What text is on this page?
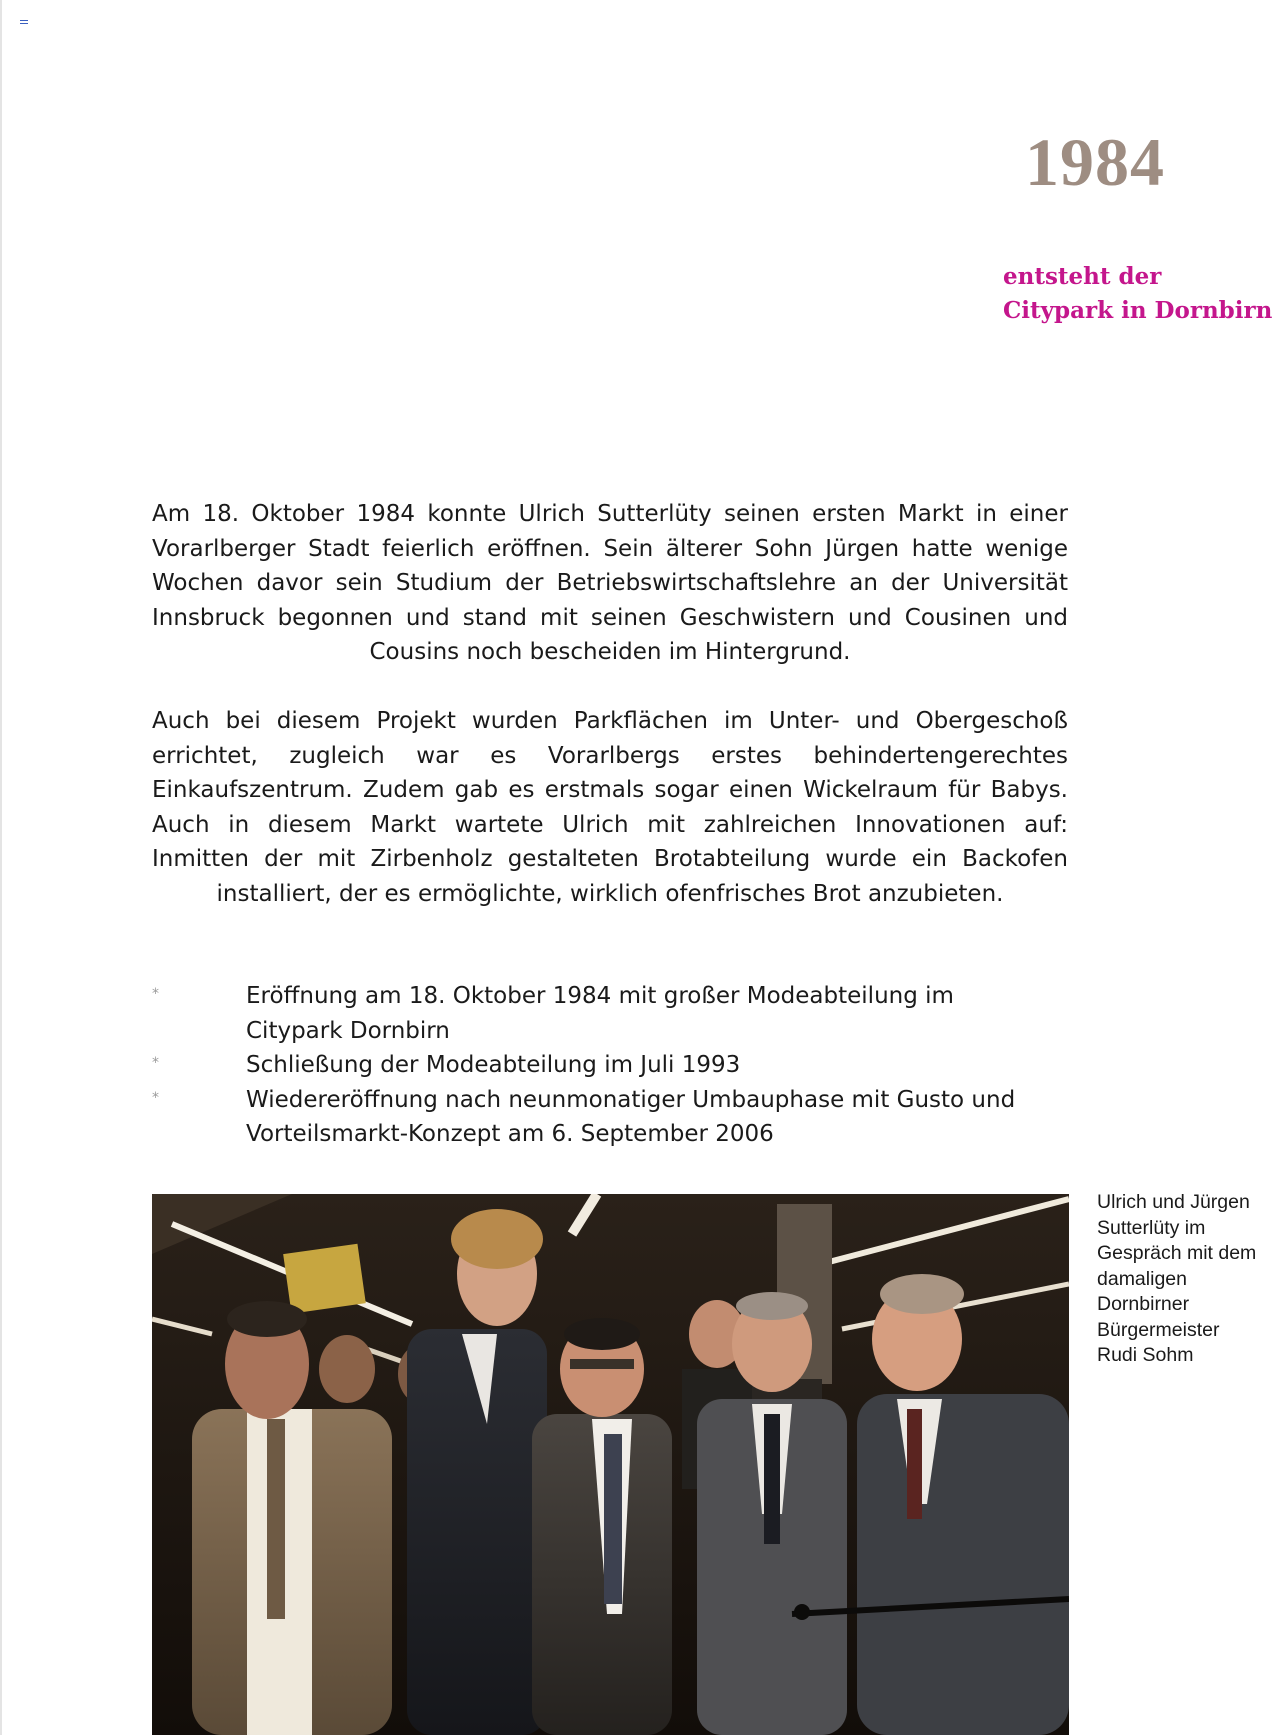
1984
entsteht der
Citypark in Dornbirn

Am 18. Oktober 1984 konnte Ulrich Sutterlüty seinen ersten Markt in einer Vorarlberger Stadt feierlich eröffnen. Sein älterer Sohn Jürgen hatte wenige Wochen davor sein Studium der Betriebswirtschaftslehre an der Universität Innsbruck begonnen und stand mit seinen Geschwistern und Cousinen und Cousins noch bescheiden im Hintergrund.

Auch bei diesem Projekt wurden Parkflächen im Unter- und Obergeschoß errichtet, zugleich war es Vorarlbergs erstes behindertengerechtes Einkaufszentrum. Zudem gab es erstmals sogar einen Wickelraum für Babys. Auch in diesem Markt wartete Ulrich mit zahlreichen Innovationen auf: Inmitten der mit Zirbenholz gestalteten Brotabteilung wurde ein Backofen installiert, der es ermöglichte, wirklich ofenfrisches Brot anzubieten.

*	Eröffnung am 18. Oktober 1984 mit großer Modeabteilung im Citypark Dornbirn
*	Schließung der Modeabteilung im Juli 1993
*	Wiedereröffnung nach neunmonatiger Umbauphase mit Gusto und Vorteilsmarkt-Konzept am 6. September 2006
Ulrich und Jürgen
Sutterlüty im
Gespräch mit dem
damaligen
Dornbirner
Bürgermeister
Rudi Sohm
